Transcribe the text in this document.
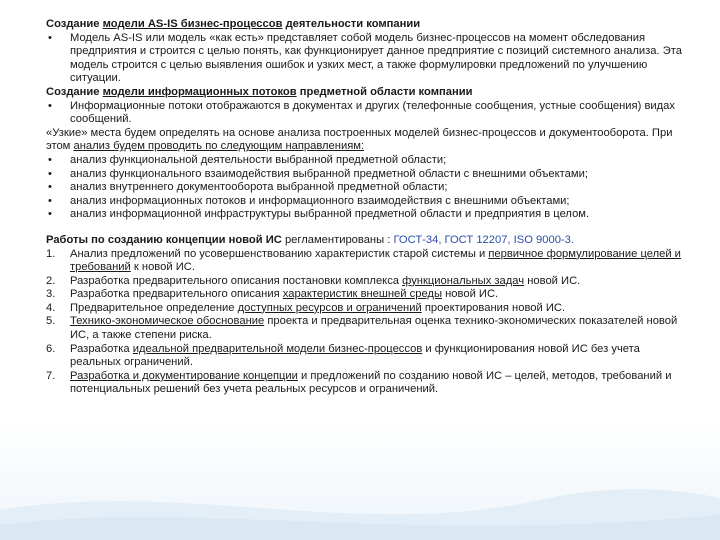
Создание модели AS-IS бизнес-процессов деятельности компании

• Модель AS-IS или модель «как есть» представляет собой модель бизнес-процессов на момент обследования предприятия и строится с целью понять, как функционирует данное предприятие с позиций системного анализа. Эта модель строится с целью выявления ошибок и узких мест, а также формулировки предложений по улучшению ситуации.

Создание модели информационных потоков предметной области компании

• Информационные потоки отображаются в документах и других (телефонные сообщения, устные сообщения) видах сообщений.

«Узкие» места будем определять на основе анализа построенных моделей бизнес-процессов и документооборота. При этом анализ будем проводить по следующим направлениям:

• анализ функциональной деятельности выбранной предметной области;
• анализ функционального взаимодействия выбранной предметной области с внешними объектами;
• анализ внутреннего документооборота выбранной предметной области;
• анализ информационных потоков и информационного взаимодействия с внешними объектами;
• анализ информационной инфраструктуры выбранной предметной области и предприятия в целом.

Работы по созданию концепции новой ИС регламентированы : ГОСТ-34, ГОСТ 12207, ISO 9000-3.

1. Анализ предложений по усовершенствованию характеристик старой системы и первичное формулирование целей и требований к новой ИС.
2. Разработка предварительного описания постановки комплекса функциональных задач новой ИС.
3. Разработка предварительного описания характеристик внешней среды новой ИС.
4. Предварительное определение доступных ресурсов и ограничений проектирования новой ИС.
5. Технико-экономическое обоснование проекта и предварительная оценка технико-экономических показателей новой ИС, а также степени риска.
6. Разработка идеальной предварительной модели бизнес-процессов и функционирования новой ИС без учета реальных ограничений.
7. Разработка и документирование концепции и предложений по созданию новой ИС – целей, методов, требований и потенциальных решений без учета реальных ресурсов и ограничений.
